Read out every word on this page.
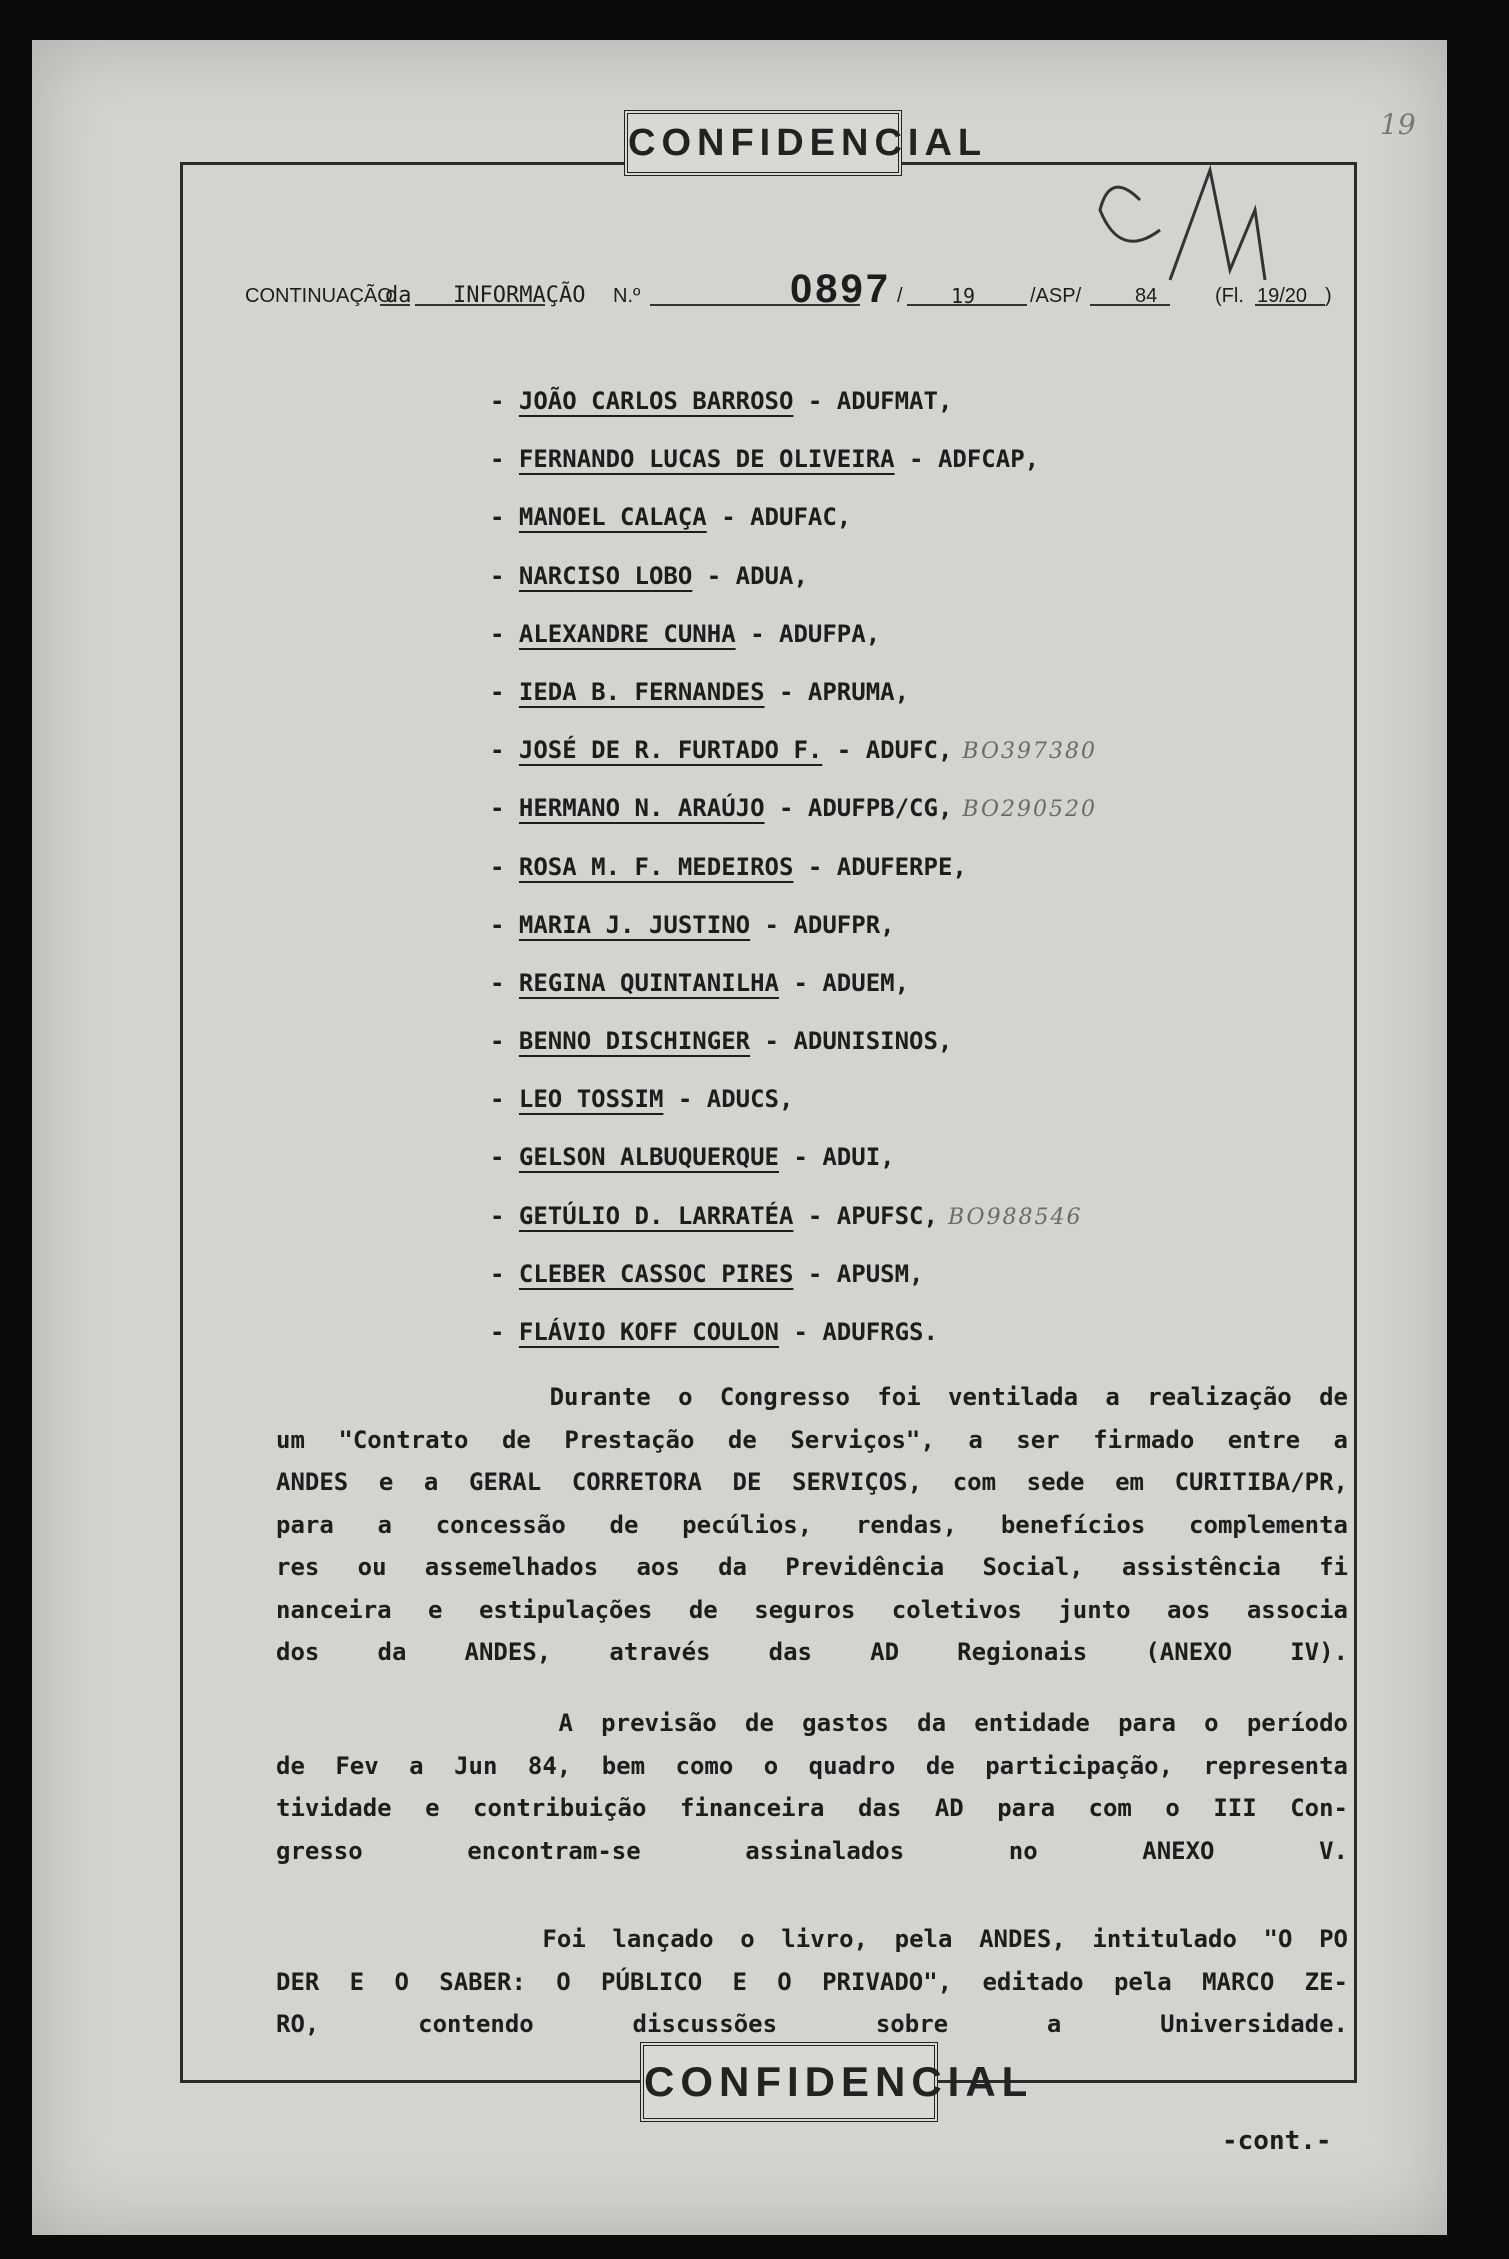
CONFIDENCIAL	19
CONTINUAÇÃO
da INFORMAÇÃO N.º	0897 / 19	/ASP/	84	(Fl. 19/20 )
- JOÃO CARLOS BARROSO - ADUFMAT,
- FERNANDO LUCAS DE OLIVEIRA - ADFCAP,
- MANOEL CALAÇA - ADUFAC,
- NARCISO LOBO - ADUA,
- ALEXANDRE CUNHA - ADUFPA,
- IEDA B. FERNANDES - APRUMA,
- JOSÉ DE R. FURTADO F. - ADUFC, BO397380
- HERMANO N. ARAÚJO - ADUFPB/CG, BO290520
- ROSA M. F. MEDEIROS - ADUFERPE,
- MARIA J. JUSTINO - ADUFPR,
- REGINA QUINTANILHA - ADUEM,
- BENNO DISCHINGER - ADUNISINOS,
- LEO TOSSIM - ADUCS,
- GELSON ALBUQUERQUE - ADUI,
- GETÚLIO D. LARRATÉA - APUFSC, BO988546
- CLEBER CASSOC PIRES - APUSM,
- FLÁVIO KOFF COULON - ADUFRGS.
Durante o Congresso foi ventilada a realização de
um "Contrato de Prestação de Serviços", a ser firmado entre a
ANDES e a GERAL CORRETORA DE SERVIÇOS, com sede em CURITIBA/PR,
para a concessão de pecúlios, rendas, benefícios complementa
res ou assemelhados aos da Previdência Social, assistência fi
nanceira e estipulações de seguros coletivos junto aos associa
dos da ANDES, através das AD Regionais (ANEXO IV).
A previsão de gastos da entidade para o período
de Fev a Jun 84, bem como o quadro de participação, representa
tividade e contribuição financeira das AD para com o III Con-
gresso encontram-se assinalados no ANEXO V.
Foi lançado o livro, pela ANDES, intitulado "O PO
DER E O SABER: O PÚBLICO E O PRIVADO", editado pela MARCO ZE-
RO, contendo discussões sobre a Universidade.
CONFIDENCIAL
-cont.-
